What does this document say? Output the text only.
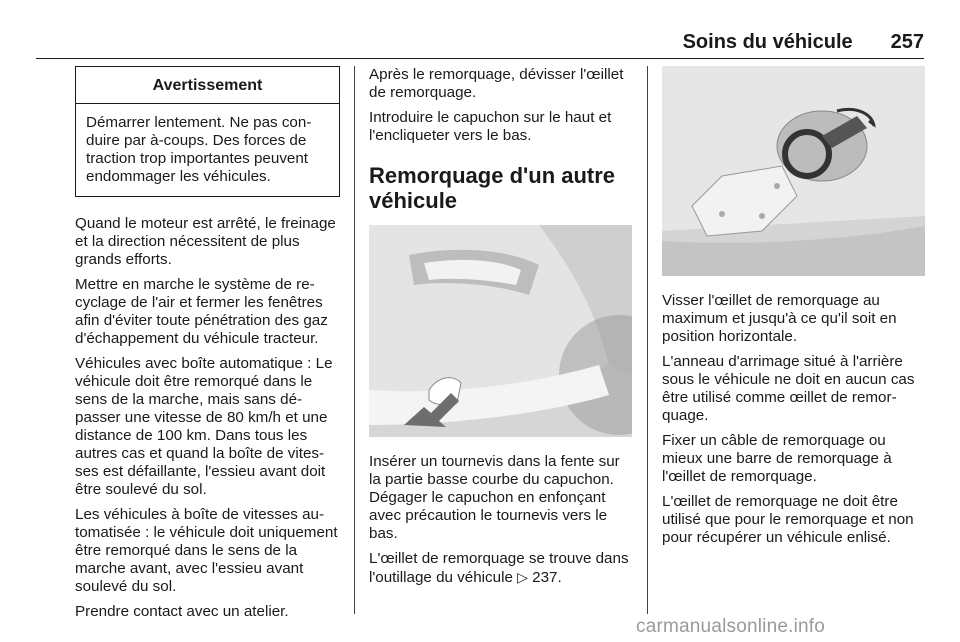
Soins du véhicule 257
Avertissement
Démarrer lentement. Ne pas conduire par à-coups. Des forces de traction trop importantes peuvent endommager les véhicules.

Quand le moteur est arrêté, le freinage et la direction nécessitent de plus grands efforts.

Mettre en marche le système de recyclage de l'air et fermer les fenêtres afin d'éviter toute pénétration des gaz d'échappement du véhicule tracteur.

Véhicules avec boîte automatique : Le véhicule doit être remorqué dans le sens de la marche, mais sans dépasser une vitesse de 80 km/h et une distance de 100 km. Dans tous les autres cas et quand la boîte de vitesses est défaillante, l'essieu avant doit être soulevé du sol.

Les véhicules à boîte de vitesses automatisée : le véhicule doit uniquement être remorqué dans le sens de la marche avant, avec l'essieu avant soulevé du sol.

Prendre contact avec un atelier.

Après le remorquage, dévisser l'œillet de remorquage.

Introduire le capuchon sur le haut et l'encliqueter vers le bas.

Remorquage d'un autre véhicule

Insérer un tournevis dans la fente sur la partie basse courbe du capuchon. Dégager le capuchon en enfonçant avec précaution le tournevis vers le bas.

L'œillet de remorquage se trouve dans l'outillage du véhicule ▷ 237.

Visser l'œillet de remorquage au maximum et jusqu'à ce qu'il soit en position horizontale.

L'anneau d'arrimage situé à l'arrière sous le véhicule ne doit en aucun cas être utilisé comme œillet de remorquage.

Fixer un câble de remorquage ou mieux une barre de remorquage à l'œillet de remorquage.

L'œillet de remorquage ne doit être utilisé que pour le remorquage et non pour récupérer un véhicule enlisé.

carmanualsonline.info
